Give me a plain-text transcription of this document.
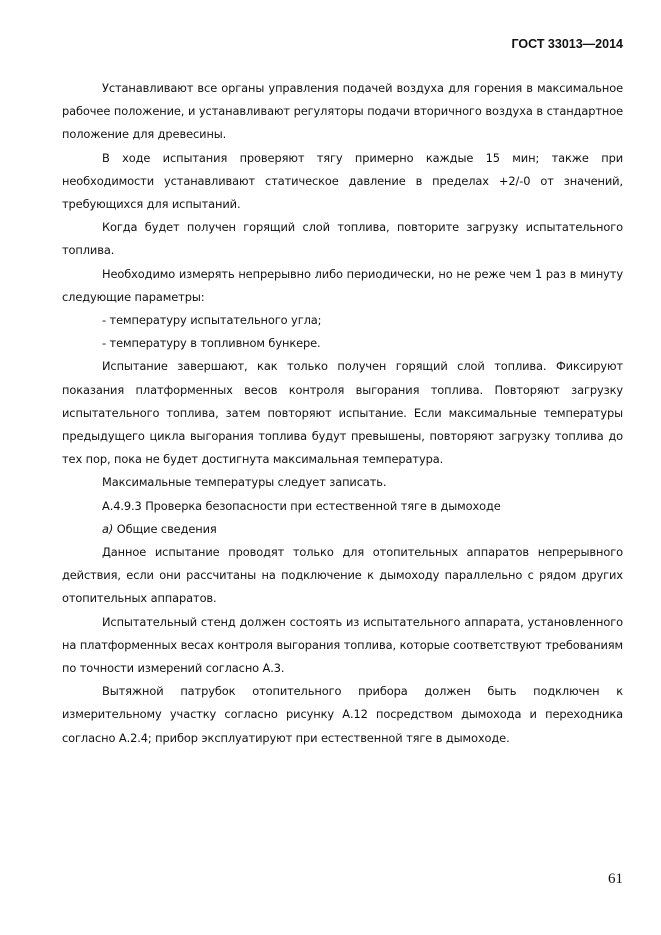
ГОСТ 33013—2014

Устанавливают все органы управления подачей воздуха для горения в максимальное рабочее положение, и устанавливают регуляторы подачи вторичного воздуха в стандартное положение для древесины.

В ходе испытания проверяют тягу примерно каждые 15 мин; также при необходимости устанавливают статическое давление в пределах +2/-0 от значений, требующихся для испытаний.

Когда будет получен горящий слой топлива, повторите загрузку испытательного топлива.

Необходимо измерять непрерывно либо периодически, но не реже чем 1 раз в минуту следующие параметры:

- температуру испытательного угла;

- температуру в топливном бункере.

Испытание завершают, как только получен горящий слой топлива. Фиксируют показания платформенных весов контроля выгорания топлива. Повторяют загрузку испытательного топлива, затем повторяют испытание. Если максимальные температуры предыдущего цикла выгорания топлива будут превышены, повторяют загрузку топлива до тех пор, пока не будет достигнута максимальная температура.

Максимальные температуры следует записать.

А.4.9.3 Проверка безопасности при естественной тяге в дымоходе

а) Общие сведения

Данное испытание проводят только для отопительных аппаратов непрерывного действия, если они рассчитаны на подключение к дымоходу параллельно с рядом других отопительных аппаратов.

Испытательный стенд должен состоять из испытательного аппарата, установленного на платформенных весах контроля выгорания топлива, которые соответствуют требованиям по точности измерений согласно А.3.

Вытяжной патрубок отопительного прибора должен быть подключен к измерительному участку согласно рисунку А.12 посредством дымохода и переходника согласно А.2.4; прибор эксплуатируют при естественной тяге в дымоходе.

61
